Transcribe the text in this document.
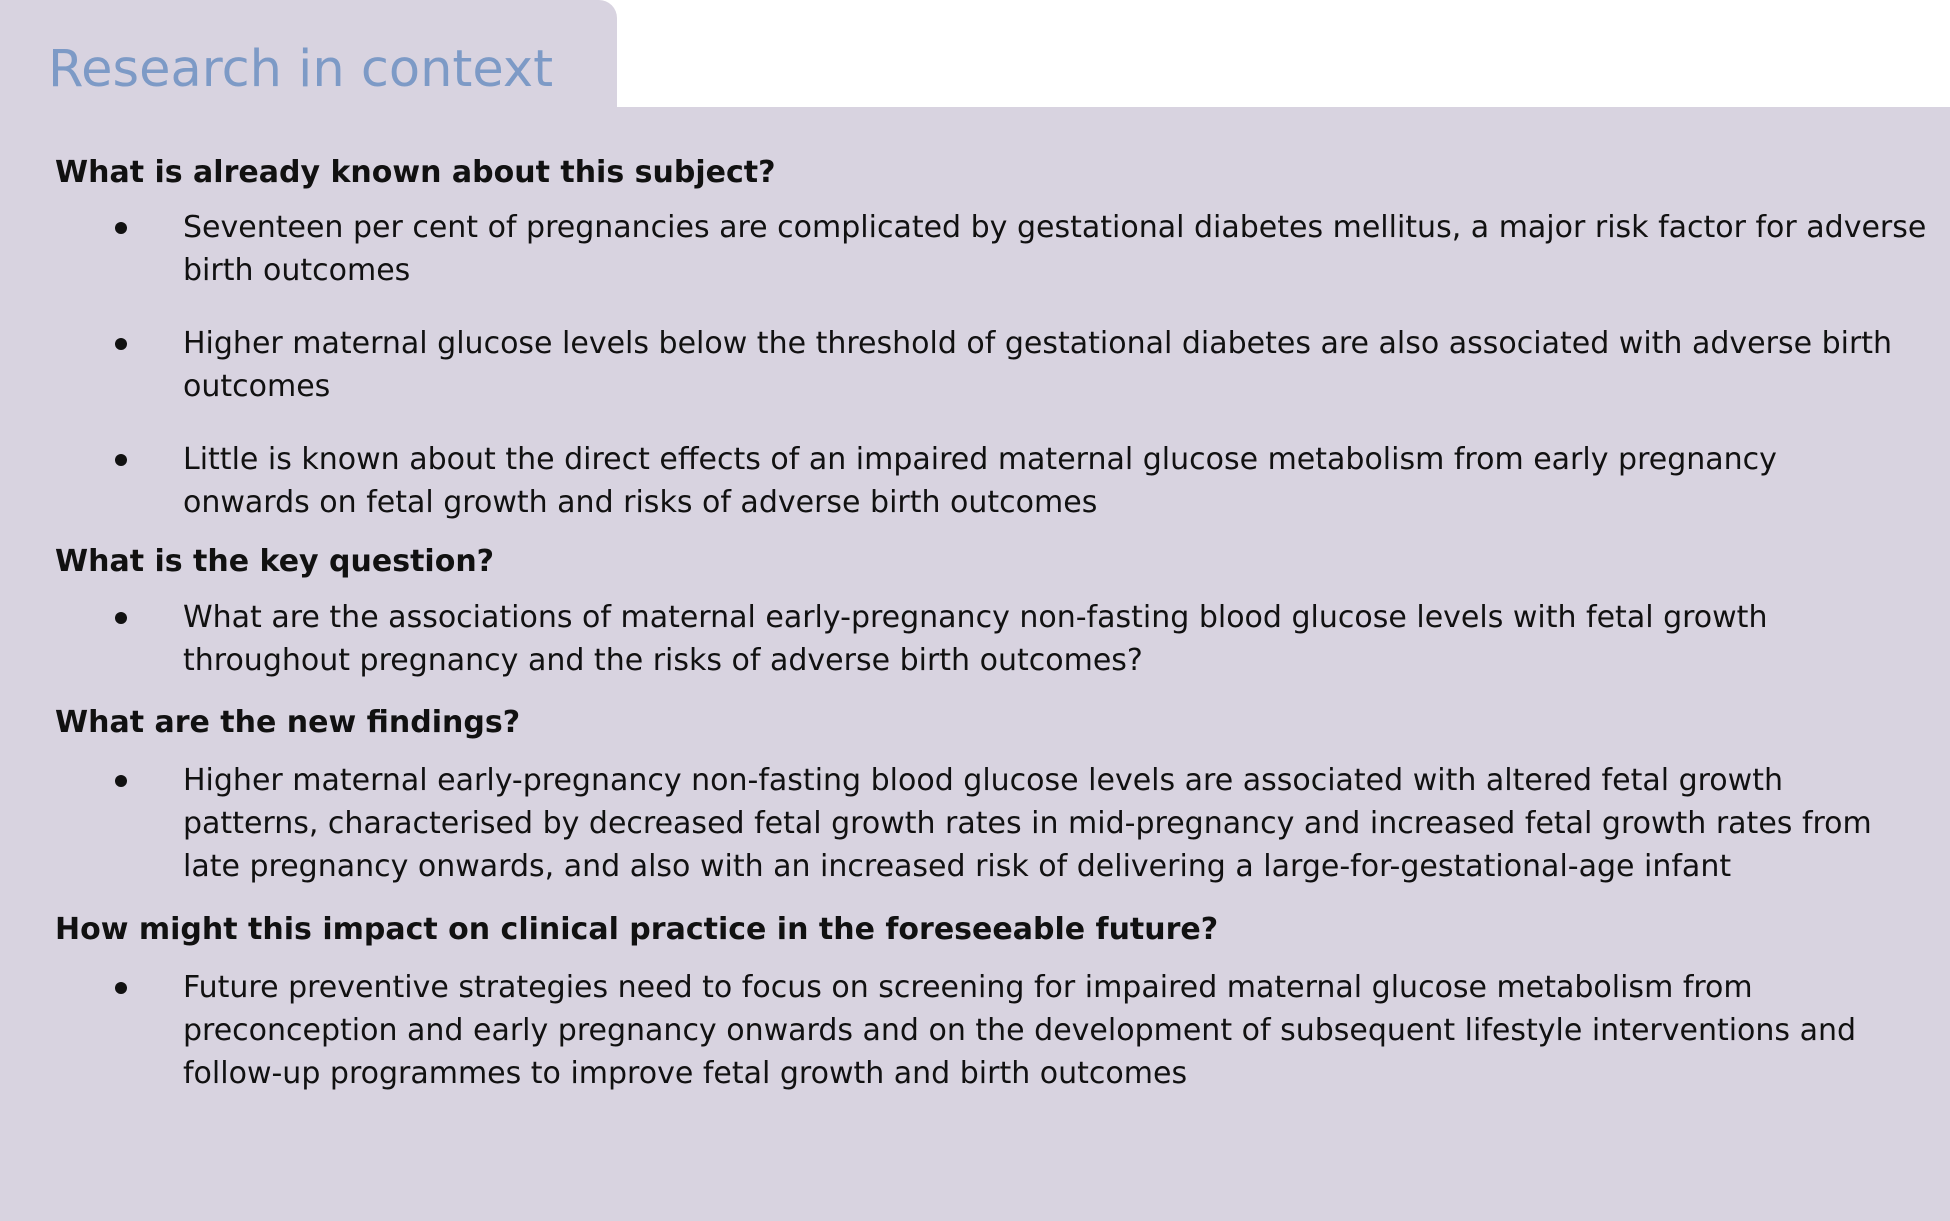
Research in context
What is already known about this subject?
Seventeen per cent of pregnancies are complicated by gestational diabetes mellitus, a major risk factor for adverse
birth outcomes
Higher maternal glucose levels below the threshold of gestational diabetes are also associated with adverse birth
outcomes
Little is known about the direct effects of an impaired maternal glucose metabolism from early pregnancy
onwards on fetal growth and risks of adverse birth outcomes
What is the key question?
What are the associations of maternal early-pregnancy non-fasting blood glucose levels with fetal growth
throughout pregnancy and the risks of adverse birth outcomes?
What are the new findings?
Higher maternal early-pregnancy non-fasting blood glucose levels are associated with altered fetal growth
patterns, characterised by decreased fetal growth rates in mid-pregnancy and increased fetal growth rates from
late pregnancy onwards, and also with an increased risk of delivering a large-for-gestational-age infant
How might this impact on clinical practice in the foreseeable future?
Future preventive strategies need to focus on screening for impaired maternal glucose metabolism from
preconception and early pregnancy onwards and on the development of subsequent lifestyle interventions and
follow-up programmes to improve fetal growth and birth outcomes
